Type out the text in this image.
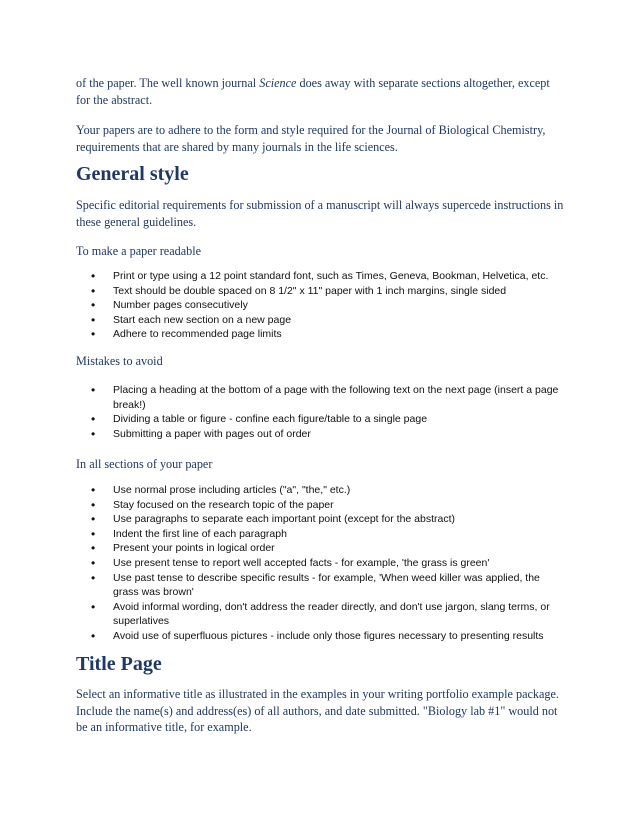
of the paper. The well known journal Science does away with separate sections altogether, except for the abstract.

Your papers are to adhere to the form and style required for the Journal of Biological Chemistry, requirements that are shared by many journals in the life sciences.

General style

Specific editorial requirements for submission of a manuscript will always supercede instructions in these general guidelines.

To make a paper readable

• Print or type using a 12 point standard font, such as Times, Geneva, Bookman, Helvetica, etc.
• Text should be double spaced on 8 1/2" x 11" paper with 1 inch margins, single sided
• Number pages consecutively
• Start each new section on a new page
• Adhere to recommended page limits

Mistakes to avoid

• Placing a heading at the bottom of a page with the following text on the next page (insert a page break!)
• Dividing a table or figure - confine each figure/table to a single page
• Submitting a paper with pages out of order

In all sections of your paper

• Use normal prose including articles ("a", "the," etc.)
• Stay focused on the research topic of the paper
• Use paragraphs to separate each important point (except for the abstract)
• Indent the first line of each paragraph
• Present your points in logical order
• Use present tense to report well accepted facts - for example, 'the grass is green'
• Use past tense to describe specific results - for example, 'When weed killer was applied, the grass was brown'
• Avoid informal wording, don't address the reader directly, and don't use jargon, slang terms, or superlatives
• Avoid use of superfluous pictures - include only those figures necessary to presenting results
Title Page

Select an informative title as illustrated in the examples in your writing portfolio example package. Include the name(s) and address(es) of all authors, and date submitted. "Biology lab #1" would not be an informative title, for example.
